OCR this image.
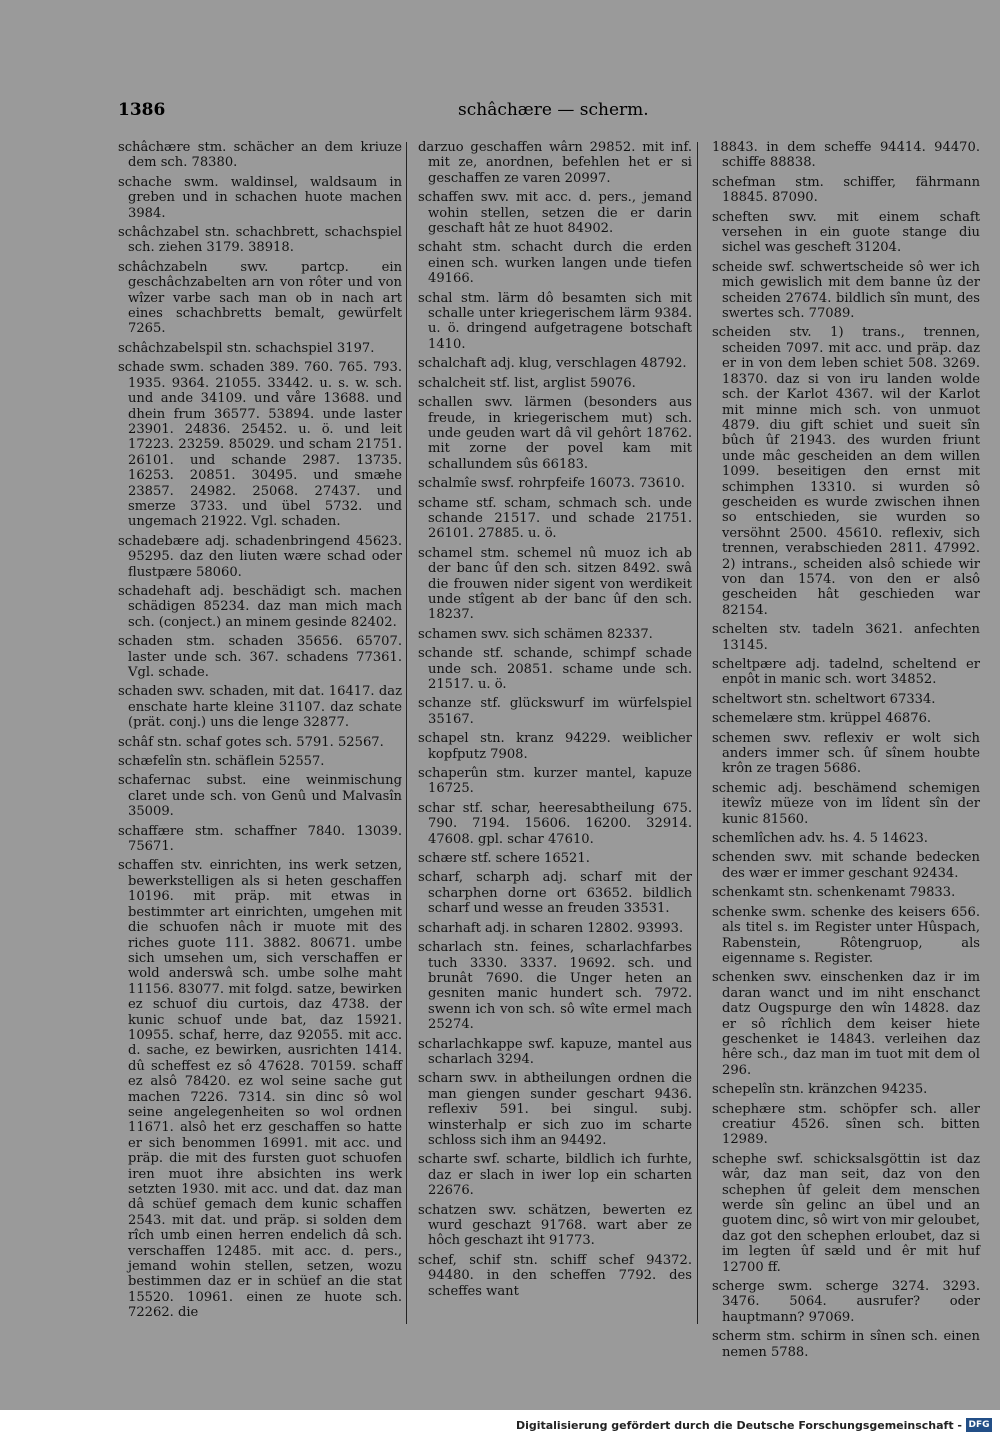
1386	schâchære — scherm.

schâchære stm. schächer an dem kriuze dem sch. 78380.

schache swm. waldinsel, waldsaum in greben und in schachen huote machen 3984.

schâchzabel stn. schachbrett, schachspiel sch. ziehen 3179. 38918.

schâchzabeln swv. partcp. ein geschâchzabelten arn von rôter und von wîzer varbe sach man ob in nach art eines schachbretts bemalt, gewürfelt 7265.

schâchzabelspil stn. schachspiel 3197.

schade swm. schaden 389. 760. 765. 793. 1935. 9364. 21055. 33442. u. s. w. sch. und ande 34109. und våre 13688. und dhein frum 36577. 53894. unde laster 23901. 24836. 25452. u. ö. und leit 17223. 23259. 85029. und scham 21751. 26101. und schande 2987. 13735. 16253. 20851. 30495. und smæhe 23857. 24982. 25068. 27437. und smerze 3733. und übel 5732. und ungemach 21922. Vgl. schaden.

schadebære adj. schadenbringend 45623. 95295. daz den liuten wære schad oder flustpære 58060.

schadehaft adj. beschädigt sch. machen schädigen 85234. daz man mich mach sch. (conject.) an minem gesinde 82402.

schaden stm. schaden 35656. 65707. laster unde sch. 367. schadens 77361. Vgl. schade.

schaden swv. schaden, mit dat. 16417. daz enschate harte kleine 31107. daz schate (prät. conj.) uns die lenge 32877.

schâf stn. schaf gotes sch. 5791. 52567.

schæfelîn stn. schäflein 52557.

schafernac subst. eine weinmischung claret unde sch. von Genû und Malvasîn 35009.

schaffære stm. schaffner 7840. 13039. 75671.

schaffen stv. einrichten, ins werk setzen, bewerkstelligen als si heten geschaffen 10196. mit präp. mit etwas in bestimmter art einrichten, umgehen mit die schuofen nâch ir muote mit des riches guote 111. 3882. 80671. umbe sich umsehen um, sich verschaffen er wold anderswâ sch. umbe solhe maht 11156. 83077. mit folgd. satze, bewirken ez schuof diu curtois, daz 4738. der kunic schuof unde bat, daz 15921. 10955. schaf, herre, daz 92055. mit acc. d. sache, ez bewirken, ausrichten 1414. dû scheffest ez sô 47628. 70159. schaff ez alsô 78420. ez wol seine sache gut machen 7226. 7314. sin dinc sô wol seine angelegenheiten so wol ordnen 11671. alsô het erz geschaffen so hatte er sich benommen 16991. mit acc. und präp. die mit des fursten guot schuofen iren muot ihre absichten ins werk setzten 1930. mit acc. und dat. daz man dâ schüef gemach dem kunic schaffen 2543. mit dat. und präp. si solden dem rîch umb einen herren endelich dâ sch. verschaffen 12485. mit acc. d. pers., jemand wohin stellen, setzen, wozu bestimmen daz er in schüef an die stat 15520. 10961. einen ze huote sch. 72262. die

darzuo geschaffen wârn 29852. mit inf. mit ze, anordnen, befehlen het er si geschaffen ze varen 20997.

schaffen swv. mit acc. d. pers., jemand wohin stellen, setzen die er darin geschaft hât ze huot 84902.

schaht stm. schacht durch die erden einen sch. wurken langen unde tiefen 49166.

schal stm. lärm dô besamten sich mit schalle unter kriegerischem lärm 9384. u. ö. dringend aufgetragene botschaft 1410.

schalchaft adj. klug, verschlagen 48792.

schalcheit stf. list, arglist 59076.

schallen swv. lärmen (besonders aus freude, in kriegerischem mut) sch. unde geuden wart dâ vil gehôrt 18762. mit zorne der povel kam mit schallundem sûs 66183.

schalmîe swsf. rohrpfeife 16073. 73610.

schame stf. scham, schmach sch. unde schande 21517. und schade 21751. 26101. 27885. u. ö.

schamel stm. schemel nû muoz ich ab der banc ûf den sch. sitzen 8492. swâ die frouwen nider sigent von werdikeit unde stîgent ab der banc ûf den sch. 18237.

schamen swv. sich schämen 82337.

schande stf. schande, schimpf schade unde sch. 20851. schame unde sch. 21517. u. ö.

schanze stf. glückswurf im würfelspiel 35167.

schapel stn. kranz 94229. weiblicher kopfputz 7908.

schaperûn stm. kurzer mantel, kapuze 16725.

schar stf. schar, heeresabtheilung 675. 790. 7194. 15606. 16200. 32914. 47608. gpl. schar 47610.

schære stf. schere 16521.

scharf, scharph adj. scharf mit der scharphen dorne ort 63652. bildlich scharf und wesse an freuden 33531.

scharhaft adj. in scharen 12802. 93993.

scharlach stn. feines, scharlachfarbes tuch 3330. 3337. 19692. sch. und brunât 7690. die Unger heten an gesniten manic hundert sch. 7972. swenn ich von sch. sô wîte ermel mach 25274.

scharlachkappe swf. kapuze, mantel aus scharlach 3294.

scharn swv. in abtheilungen ordnen die man giengen sunder geschart 9436. reflexiv 591. bei singul. subj. winsterhalp er sich zuo im scharte schloss sich ihm an 94492.

scharte swf. scharte, bildlich ich furhte, daz er slach in iwer lop ein scharten 22676.

schatzen swv. schätzen, bewerten ez wurd geschazt 91768. wart aber ze hôch geschazt iht 91773.

schef, schif stn. schiff schef 94372. 94480. in den scheffen 7792. des scheffes want

18843. in dem scheffe 94414. 94470. schiffe 88838.

schefman stm. schiffer, fährmann 18845. 87090.

scheften swv. mit einem schaft versehen in ein guote stange diu sichel was gescheft 31204.

scheide swf. schwertscheide sô wer ich mich gewislich mit dem banne ûz der scheiden 27674. bildlich sîn munt, des swertes sch. 77089.

scheiden stv. 1) trans., trennen, scheiden 7097. mit acc. und präp. daz er in von dem leben schiet 508. 3269. 18370. daz si von iru landen wolde sch. der Karlot 4367. wil der Karlot mit minne mich sch. von unmuot 4879. diu gift schiet und sueit sîn bûch ûf 21943. des wurden friunt unde mâc gescheiden an dem willen 1099. beseitigen den ernst mit schimphen 13310. si wurden sô gescheiden es wurde zwischen ihnen so entschieden, sie wurden so versöhnt 2500. 45610. reflexiv, sich trennen, verabschieden 2811. 47992. 2) intrans., scheiden alsô schiede wir von dan 1574. von den er alsô gescheiden hât geschieden war 82154.

schelten stv. tadeln 3621. anfechten 13145.

scheltpære adj. tadelnd, scheltend er enpôt in manic sch. wort 34852.

scheltwort stn. scheltwort 67334.

schemelære stm. krüppel 46876.

schemen swv. reflexiv er wolt sich anders immer sch. ûf sînem houbte krôn ze tragen 5686.

schemic adj. beschämend schemigen itewîz müeze von im lîdent sîn der kunic 81560.

schemlîchen adv. hs. 4. 5 14623.

schenden swv. mit schande bedecken des wær er immer geschant 92434.

schenkamt stn. schenkenamt 79833.

schenke swm. schenke des keisers 656. als titel s. im Register unter Hûspach, Rabenstein, Rôtengruop, als eigenname s. Register.

schenken swv. einschenken daz ir im daran wanct und im niht enschanct datz Ougspurge den wîn 14828. daz er sô rîchlich dem keiser hiete geschenket ie 14843. verleihen daz hêre sch., daz man im tuot mit dem ol 296.

schepelîn stn. kränzchen 94235.

schephære stm. schöpfer sch. aller creatiur 4526. sînen sch. bitten 12989.

schephe swf. schicksalsgöttin ist daz wâr, daz man seit, daz von den schephen ûf geleit dem menschen werde sîn gelinc an übel und an guotem dinc, sô wirt von mir geloubet, daz got den schephen erloubet, daz si im legten ûf sæld und êr mit huf 12700 ff.

scherge swm. scherge 3274. 3293. 3476. 5064. ausrufer? oder hauptmann? 97069.

scherm stm. schirm in sînen sch. einen nemen 5788.

Digitalisierung gefördert durch die Deutsche Forschungsgemeinschaft - DFG
